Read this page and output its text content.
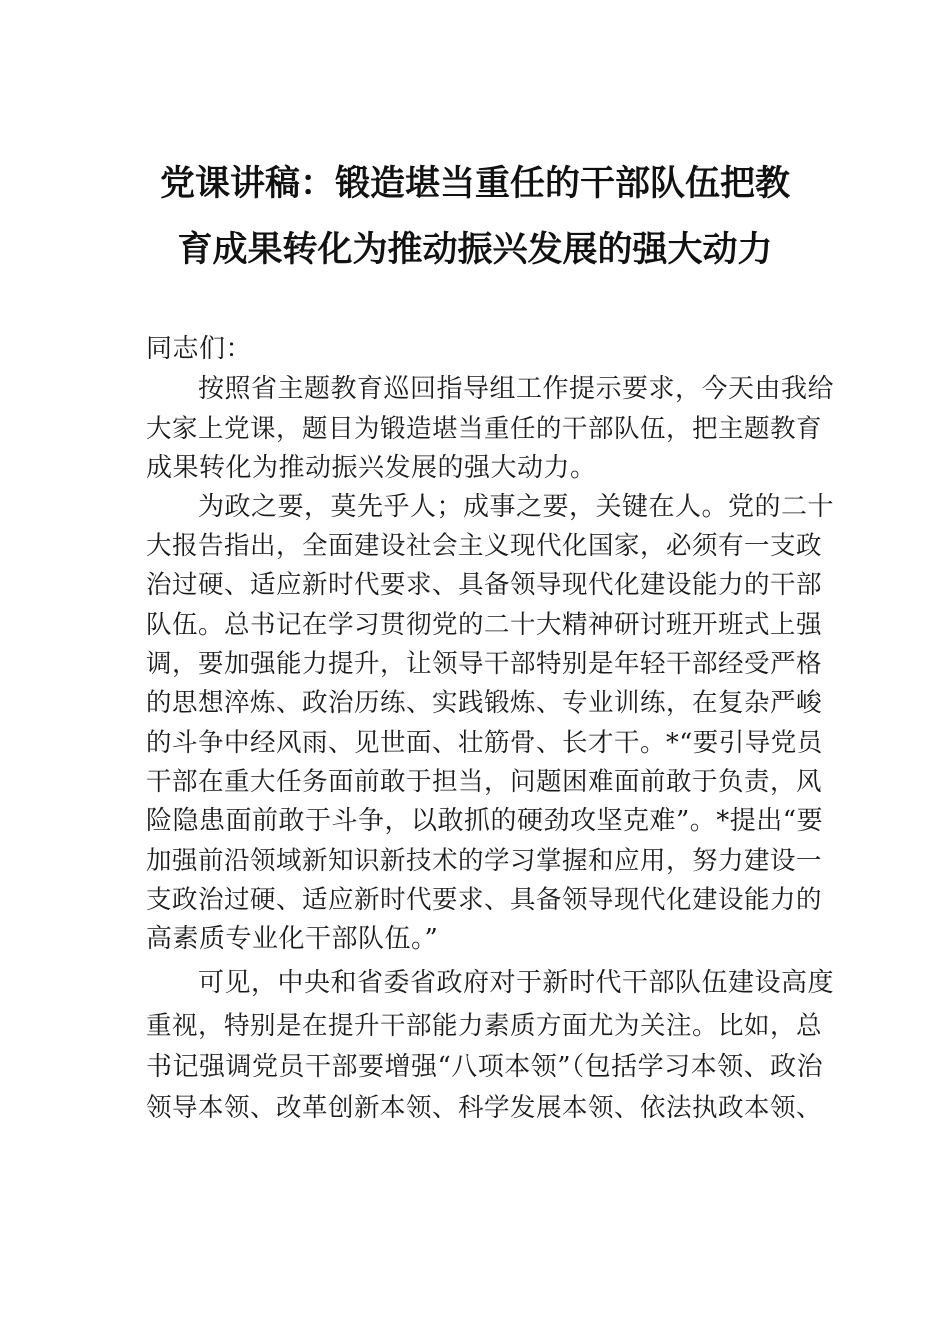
党课讲稿：锻造堪当重任的干部队伍把教
育成果转化为推动振兴发展的强大动力
同志们：
按照省主题教育巡回指导组工作提示要求，今天由我给
大家上党课，题目为锻造堪当重任的干部队伍，把主题教育
成果转化为推动振兴发展的强大动力。
为政之要，莫先乎人；成事之要，关键在人。党的二十
大报告指出，全面建设社会主义现代化国家，必须有一支政
治过硬、适应新时代要求、具备领导现代化建设能力的干部
队伍。总书记在学习贯彻党的二十大精神研讨班开班式上强
调，要加强能力提升，让领导干部特别是年轻干部经受严格
的思想淬炼、政治历练、实践锻炼、专业训练，在复杂严峻
的斗争中经风雨、见世面、壮筋骨、长才干。*“要引导党员
干部在重大任务面前敢于担当，问题困难面前敢于负责，风
险隐患面前敢于斗争，以敢抓的硬劲攻坚克难”。*提出“要
加强前沿领域新知识新技术的学习掌握和应用，努力建设一
支政治过硬、适应新时代要求、具备领导现代化建设能力的
高素质专业化干部队伍。”
可见，中央和省委省政府对于新时代干部队伍建设高度
重视，特别是在提升干部能力素质方面尤为关注。比如，总
书记强调党员干部要增强“八项本领”（包括学习本领、政治
领导本领、改革创新本领、科学发展本领、依法执政本领、
